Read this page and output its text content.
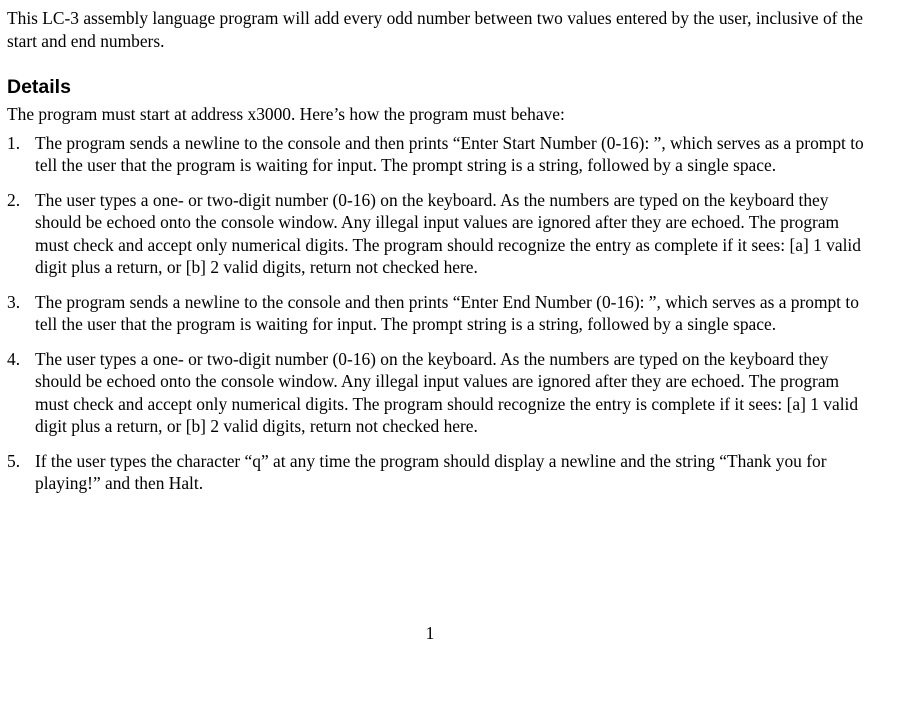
This LC-3 assembly language program will add every odd number between two values entered by the user, inclusive of the start and end numbers.

Details

The program must start at address x3000. Here’s how the program must behave:

1. The program sends a newline to the console and then prints “Enter Start Number (0-16): ”, which serves as a prompt to tell the user that the program is waiting for input. The prompt string is a string, followed by a single space.
2. The user types a one- or two-digit number (0-16) on the keyboard. As the numbers are typed on the keyboard they should be echoed onto the console window. Any illegal input values are ignored after they are echoed. The program must check and accept only numerical digits. The program should recognize the entry as complete if it sees: [a] 1 valid digit plus a return, or [b] 2 valid digits, return not checked here.
3. The program sends a newline to the console and then prints “Enter End Number (0-16): ”, which serves as a prompt to tell the user that the program is waiting for input. The prompt string is a string, followed by a single space.
4. The user types a one- or two-digit number (0-16) on the keyboard. As the numbers are typed on the keyboard they should be echoed onto the console window. Any illegal input values are ignored after they are echoed. The program must check and accept only numerical digits. The program should recognize the entry is complete if it sees: [a] 1 valid digit plus a return, or [b] 2 valid digits, return not checked here.
5. If the user types the character “q” at any time the program should display a newline and the string “Thank you for playing!” and then Halt.
1
